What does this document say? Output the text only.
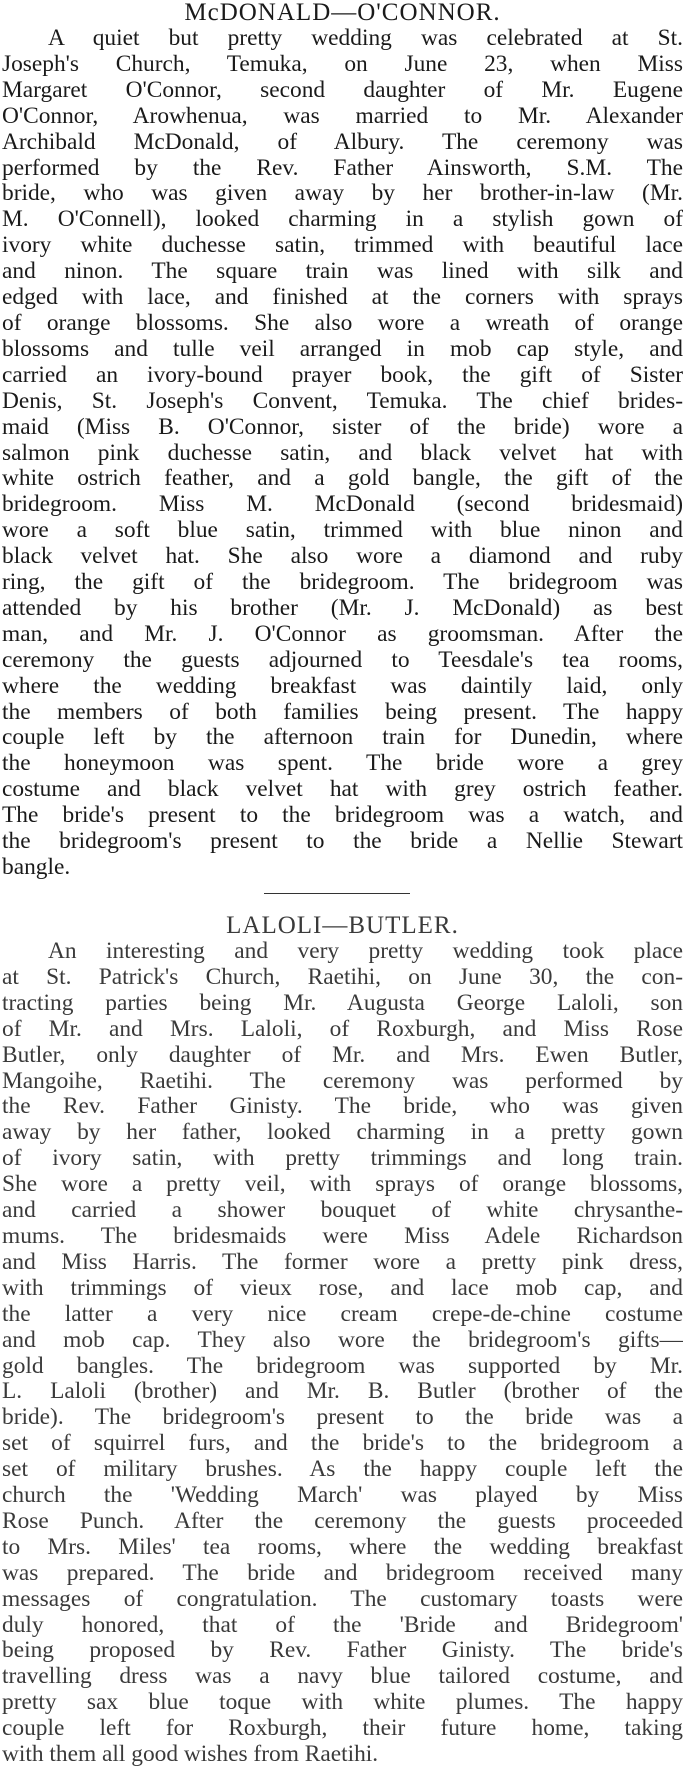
McDONALD—O'CONNOR.
A quiet but pretty wedding was celebrated at St.
Joseph's Church, Temuka, on June 23, when Miss
Margaret O'Connor, second daughter of Mr. Eugene
O'Connor, Arowhenua, was married to Mr. Alexander
Archibald McDonald, of Albury. The ceremony was
performed by the Rev. Father Ainsworth, S.M. The
bride, who was given away by her brother-in-law (Mr.
M. O'Connell), looked charming in a stylish gown of
ivory white duchesse satin, trimmed with beautiful lace
and ninon. The square train was lined with silk and
edged with lace, and finished at the corners with sprays
of orange blossoms. She also wore a wreath of orange
blossoms and tulle veil arranged in mob cap style, and
carried an ivory-bound prayer book, the gift of Sister
Denis, St. Joseph's Convent, Temuka. The chief brides-
maid (Miss B. O'Connor, sister of the bride) wore a
salmon pink duchesse satin, and black velvet hat with
white ostrich feather, and a gold bangle, the gift of the
bridegroom. Miss M. McDonald (second bridesmaid)
wore a soft blue satin, trimmed with blue ninon and
black velvet hat. She also wore a diamond and ruby
ring, the gift of the bridegroom. The bridegroom was
attended by his brother (Mr. J. McDonald) as best
man, and Mr. J. O'Connor as groomsman. After the
ceremony the guests adjourned to Teesdale's tea rooms,
where the wedding breakfast was daintily laid, only
the members of both families being present. The happy
couple left by the afternoon train for Dunedin, where
the honeymoon was spent. The bride wore a grey
costume and black velvet hat with grey ostrich feather.
The bride's present to the bridegroom was a watch, and
the bridegroom's present to the bride a Nellie Stewart
bangle.
LALOLI—BUTLER.
An interesting and very pretty wedding took place
at St. Patrick's Church, Raetihi, on June 30, the con-
tracting parties being Mr. Augusta George Laloli, son
of Mr. and Mrs. Laloli, of Roxburgh, and Miss Rose
Butler, only daughter of Mr. and Mrs. Ewen Butler,
Mangoihe, Raetihi. The ceremony was performed by
the Rev. Father Ginisty. The bride, who was given
away by her father, looked charming in a pretty gown
of ivory satin, with pretty trimmings and long train.
She wore a pretty veil, with sprays of orange blossoms,
and carried a shower bouquet of white chrysanthe-
mums. The bridesmaids were Miss Adele Richardson
and Miss Harris. The former wore a pretty pink dress,
with trimmings of vieux rose, and lace mob cap, and
the latter a very nice cream crepe-de-chine costume
and mob cap. They also wore the bridegroom's gifts—
gold bangles. The bridegroom was supported by Mr.
L. Laloli (brother) and Mr. B. Butler (brother of the
bride). The bridegroom's present to the bride was a
set of squirrel furs, and the bride's to the bridegroom a
set of military brushes. As the happy couple left the
church the 'Wedding March' was played by Miss
Rose Punch. After the ceremony the guests proceeded
to Mrs. Miles' tea rooms, where the wedding breakfast
was prepared. The bride and bridegroom received many
messages of congratulation. The customary toasts were
duly honored, that of the 'Bride and Bridegroom'
being proposed by Rev. Father Ginisty. The bride's
travelling dress was a navy blue tailored costume, and
pretty sax blue toque with white plumes. The happy
couple left for Roxburgh, their future home, taking
with them all good wishes from Raetihi.
